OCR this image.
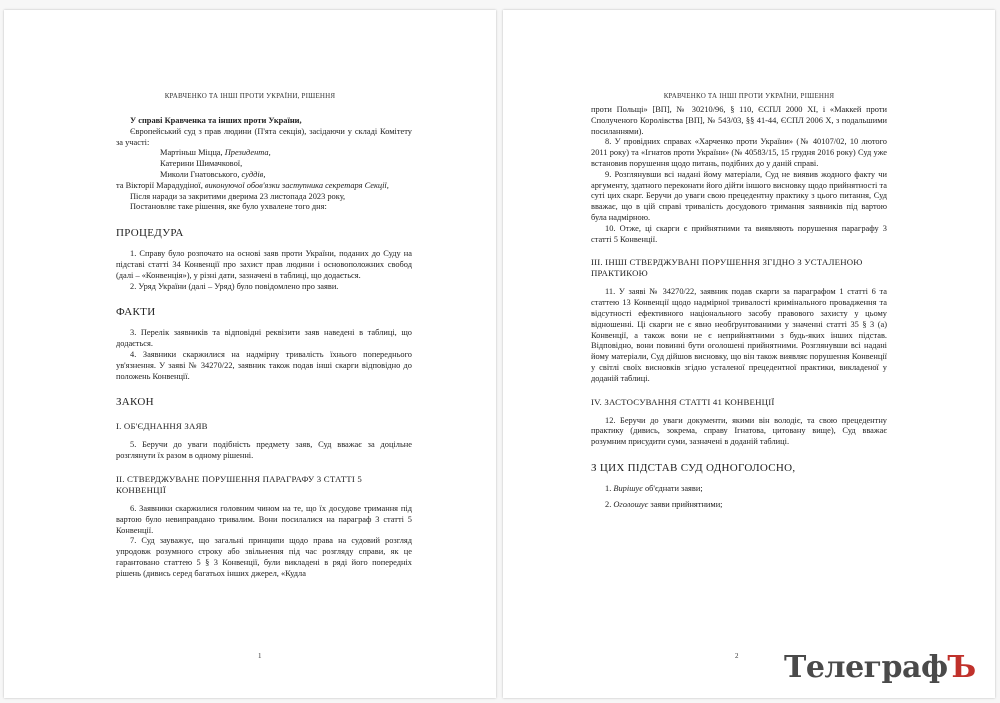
КРАВЧЕНКО ТА ІНШІ ПРОТИ УКРАЇНИ, РІШЕННЯ

У справі Кравченка та інших проти України,

Європейський суд з прав людини (П'ята секція), засідаючи у складі Комітету за участі:

Мартіньш Міцца, Президента,

Катерини Шимачкової,

Миколи Гнатовського, суддів,

та Вікторії Марадудіної, виконуючої обов'язки заступника секретаря Секції,

Після наради за закритими дверима 23 листопада 2023 року,

Постановляє таке рішення, яке було ухвалене того дня:

ПРОЦЕДУРА

1. Справу було розпочато на основі заяв проти України, поданих до Суду на підставі статті 34 Конвенції про захист прав людини і основоположних свобод (далі – «Конвенція»), у різні дати, зазначені в таблиці, що додається.

2. Уряд України (далі – Уряд) було повідомлено про заяви.

ФАКТИ

3. Перелік заявників та відповідні реквізити заяв наведені в таблиці, що додається.

4. Заявники скаржилися на надмірну тривалість їхнього попереднього ув'язнення. У заяві № 34270/22, заявник також подав інші скарги відповідно до положень Конвенції.

ЗАКОН
I. ОБ'ЄДНАННЯ ЗАЯВ

5. Беручи до уваги подібність предмету заяв, Суд вважає за доцільне розглянути їх разом в одному рішенні.

II. СТВЕРДЖУВАНЕ ПОРУШЕННЯ ПАРАГРАФУ 3 СТАТТІ 5 КОНВЕНЦІЇ

6. Заявники скаржилися головним чином на те, що їх досудове тримання під вартою було невиправдано тривалим. Вони посилалися на параграф 3 статті 5 Конвенції.

7. Суд зауважує, що загальні принципи щодо права на судовий розгляд упродовж розумного строку або звільнення під час розгляду справи, як це гарантовано статтею 5 § 3 Конвенції, були викладені в ряді його попередніх рішень (дивись серед багатьох інших джерел, «Кудла

1
КРАВЧЕНКО ТА ІНШІ ПРОТИ УКРАЇНИ, РІШЕННЯ

проти Польщі» [ВП], № 30210/96, § 110, ЄСПЛ 2000 XI, і «Маккей проти Сполученого Королівства [ВП], № 543/03, §§ 41-44, ЄСПЛ 2006 X, з подальшими посиланнями).

8. У провідних справах «Харченко проти України» (№ 40107/02, 10 лютого 2011 року) та «Ігнатов проти України» (№ 40583/15, 15 грудня 2016 року) Суд уже встановив порушення щодо питань, подібних до у даній справі.

9. Розглянувши всі надані йому матеріали, Суд не виявив жодного факту чи аргументу, здатного переконати його дійти іншого висновку щодо прийнятності та суті цих скарг. Беручи до уваги свою прецедентну практику з цього питання, Суд вважає, що в цій справі тривалість досудового тримання заявників під вартою була надмірною.

10. Отже, ці скарги є прийнятними та виявляють порушення параграфу 3 статті 5 Конвенції.

III. ІНШІ СТВЕРДЖУВАНІ ПОРУШЕННЯ ЗГІДНО З УСТАЛЕНОЮ ПРАКТИКОЮ

11. У заяві № 34270/22, заявник подав скарги за параграфом 1 статті 6 та статтею 13 Конвенції щодо надмірної тривалості кримінального провадження та відсутності ефективного національного засобу правового захисту у цьому відношенні. Ці скарги не є явно необґрунтованими у значенні статті 35 § 3 (a) Конвенції, а також вони не є неприйнятними з будь-яких інших підстав. Відповідно, вони повинні бути оголошені прийнятними. Розглянувши всі надані йому матеріали, Суд дійшов висновку, що він також виявляє порушення Конвенції у світлі своїх висновків згідно усталеної прецедентної практики, викладеної у доданій таблиці.

IV. ЗАСТОСУВАННЯ СТАТТІ 41 КОНВЕНЦІЇ

12. Беручи до уваги документи, якими він володіє, та свою прецедентну практику (дивись, зокрема, справу Ігнатова, цитовану вище), Суд вважає розумним присудити суми, зазначені в доданій таблиці.

З ЦИХ ПІДСТАВ СУД ОДНОГОЛОСНО,

1. Вирішує об'єднати заяви;

2. Оголошує заяви прийнятними;

2 ТелеграфЪ
